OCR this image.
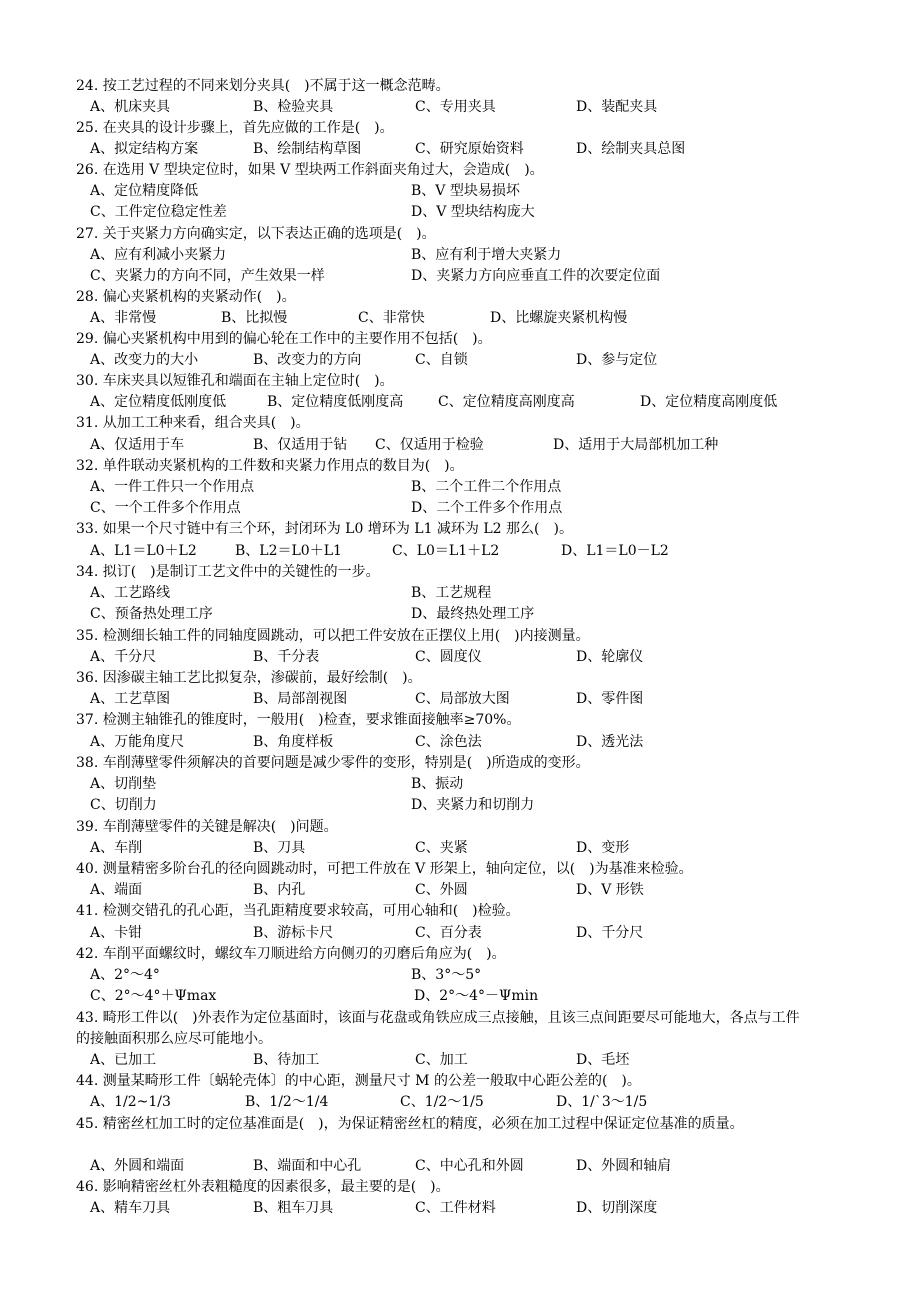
24. 按工艺过程的不同来划分夹具(　)不属于这一概念范畴。
A、机床夹具	B、检验夹具	C、专用夹具	D、装配夹具
25. 在夹具的设计步骤上，首先应做的工作是(　)。
A、拟定结构方案	B、绘制结构草图	C、研究原始资料	D、绘制夹具总图
26. 在选用 V 型块定位时，如果 V 型块两工作斜面夹角过大，会造成(　)。
A、定位精度降低	B、V 型块易损坏
C、工件定位稳定性差	D、V 型块结构庞大
27. 关于夹紧力方向确实定，以下表达正确的选项是(　)。
A、应有利减小夹紧力	B、应有利于增大夹紧力
C、夹紧力的方向不同，产生效果一样	D、夹紧力方向应垂直工件的次要定位面
28. 偏心夹紧机构的夹紧动作(　)。
A、非常慢	B、比拟慢	C、非常快	D、比螺旋夹紧机构慢
29. 偏心夹紧机构中用到的偏心轮在工作中的主要作用不包括(　)。
A、改变力的大小	B、改变力的方向	C、自锁	D、参与定位
30. 车床夹具以短锥孔和端面在主轴上定位时(　)。
A、定位精度低刚度低	B、定位精度低刚度高 C、定位精度高刚度高	D、定位精度高刚度低
31. 从加工工种来看，组合夹具(　)。
A、仅适用于车	B、仅适用于钻 C、仅适用于检验	D、适用于大局部机加工种
32. 单件联动夹紧机构的工件数和夹紧力作用点的数目为(　)。
A、一件工件只一个作用点	B、二个工件二个作用点
C、一个工件多个作用点	D、二个工件多个作用点
33. 如果一个尺寸链中有三个环，封闭环为 L0 增环为 L1 减环为 L2 那么(　)。
A、L1＝L0＋L2	B、L2＝L0＋L1	C、L0＝L1＋L2	D、L1＝L0－L2
34. 拟订(　)是制订工艺文件中的关键性的一步。
A、工艺路线	B、工艺规程
C、预备热处理工序	D、最终热处理工序
35. 检测细长轴工件的同轴度圆跳动，可以把工件安放在正摆仪上用(　)内接测量。
A、千分尺	B、千分表	C、圆度仪	D、轮廓仪
36. 因渗碳主轴工艺比拟复杂，渗碳前，最好绘制(　)。
A、工艺草图	B、局部剖视图	C、局部放大图	D、零件图
37. 检测主轴锥孔的锥度时，一般用(　)检查，要求锥面接触率≥70%。
A、万能角度尺	B、角度样板	C、涂色法	D、透光法
38. 车削薄壁零件须解决的首要问题是减少零件的变形，特别是(　)所造成的变形。
A、切削垫	B、振动
C、切削力	D、夹紧力和切削力
39. 车削薄壁零件的关键是解决(　)问题。
A、车削	B、刀具	C、夹紧	D、变形
40. 测量精密多阶台孔的径向圆跳动时，可把工件放在 V 形架上，轴向定位，以(　)为基准来检验。
A、端面	B、内孔	C、外圆	D、V 形铁
41. 检测交错孔的孔心距，当孔距精度要求较高，可用心轴和(　)检验。
A、卡钳	B、游标卡尺	C、百分表	D、千分尺
42. 车削平面螺纹时，螺纹车刀顺进给方向侧刃的刃磨后角应为(　)。
A、2°～4°	B、3°～5°
C、2°～4°＋Ψmax	D、2°～4°－Ψmin
43. 畸形工件以(　)外表作为定位基面时，该面与花盘或角铁应成三点接触，且该三点间距要尽可能地大，各点与工件的接触面积那么应尽可能地小。
A、已加工	B、待加工	C、加工	D、毛坯
44. 测量某畸形工件〔蜗轮壳体〕的中心距，测量尺寸 M 的公差一般取中心距公差的(　)。
A、1/2~1/3	B、1/2～1/4	C、1/2～1/5	D、1/`3～1/5
45. 精密丝杠加工时的定位基准面是(　)，为保证精密丝杠的精度，必须在加工过程中保证定位基准的质量。
A、外圆和端面	B、端面和中心孔	C、中心孔和外圆	D、外圆和轴肩
46. 影响精密丝杠外表粗糙度的因素很多，最主要的是(　)。
A、精车刀具	B、粗车刀具	C、工件材料	D、切削深度
